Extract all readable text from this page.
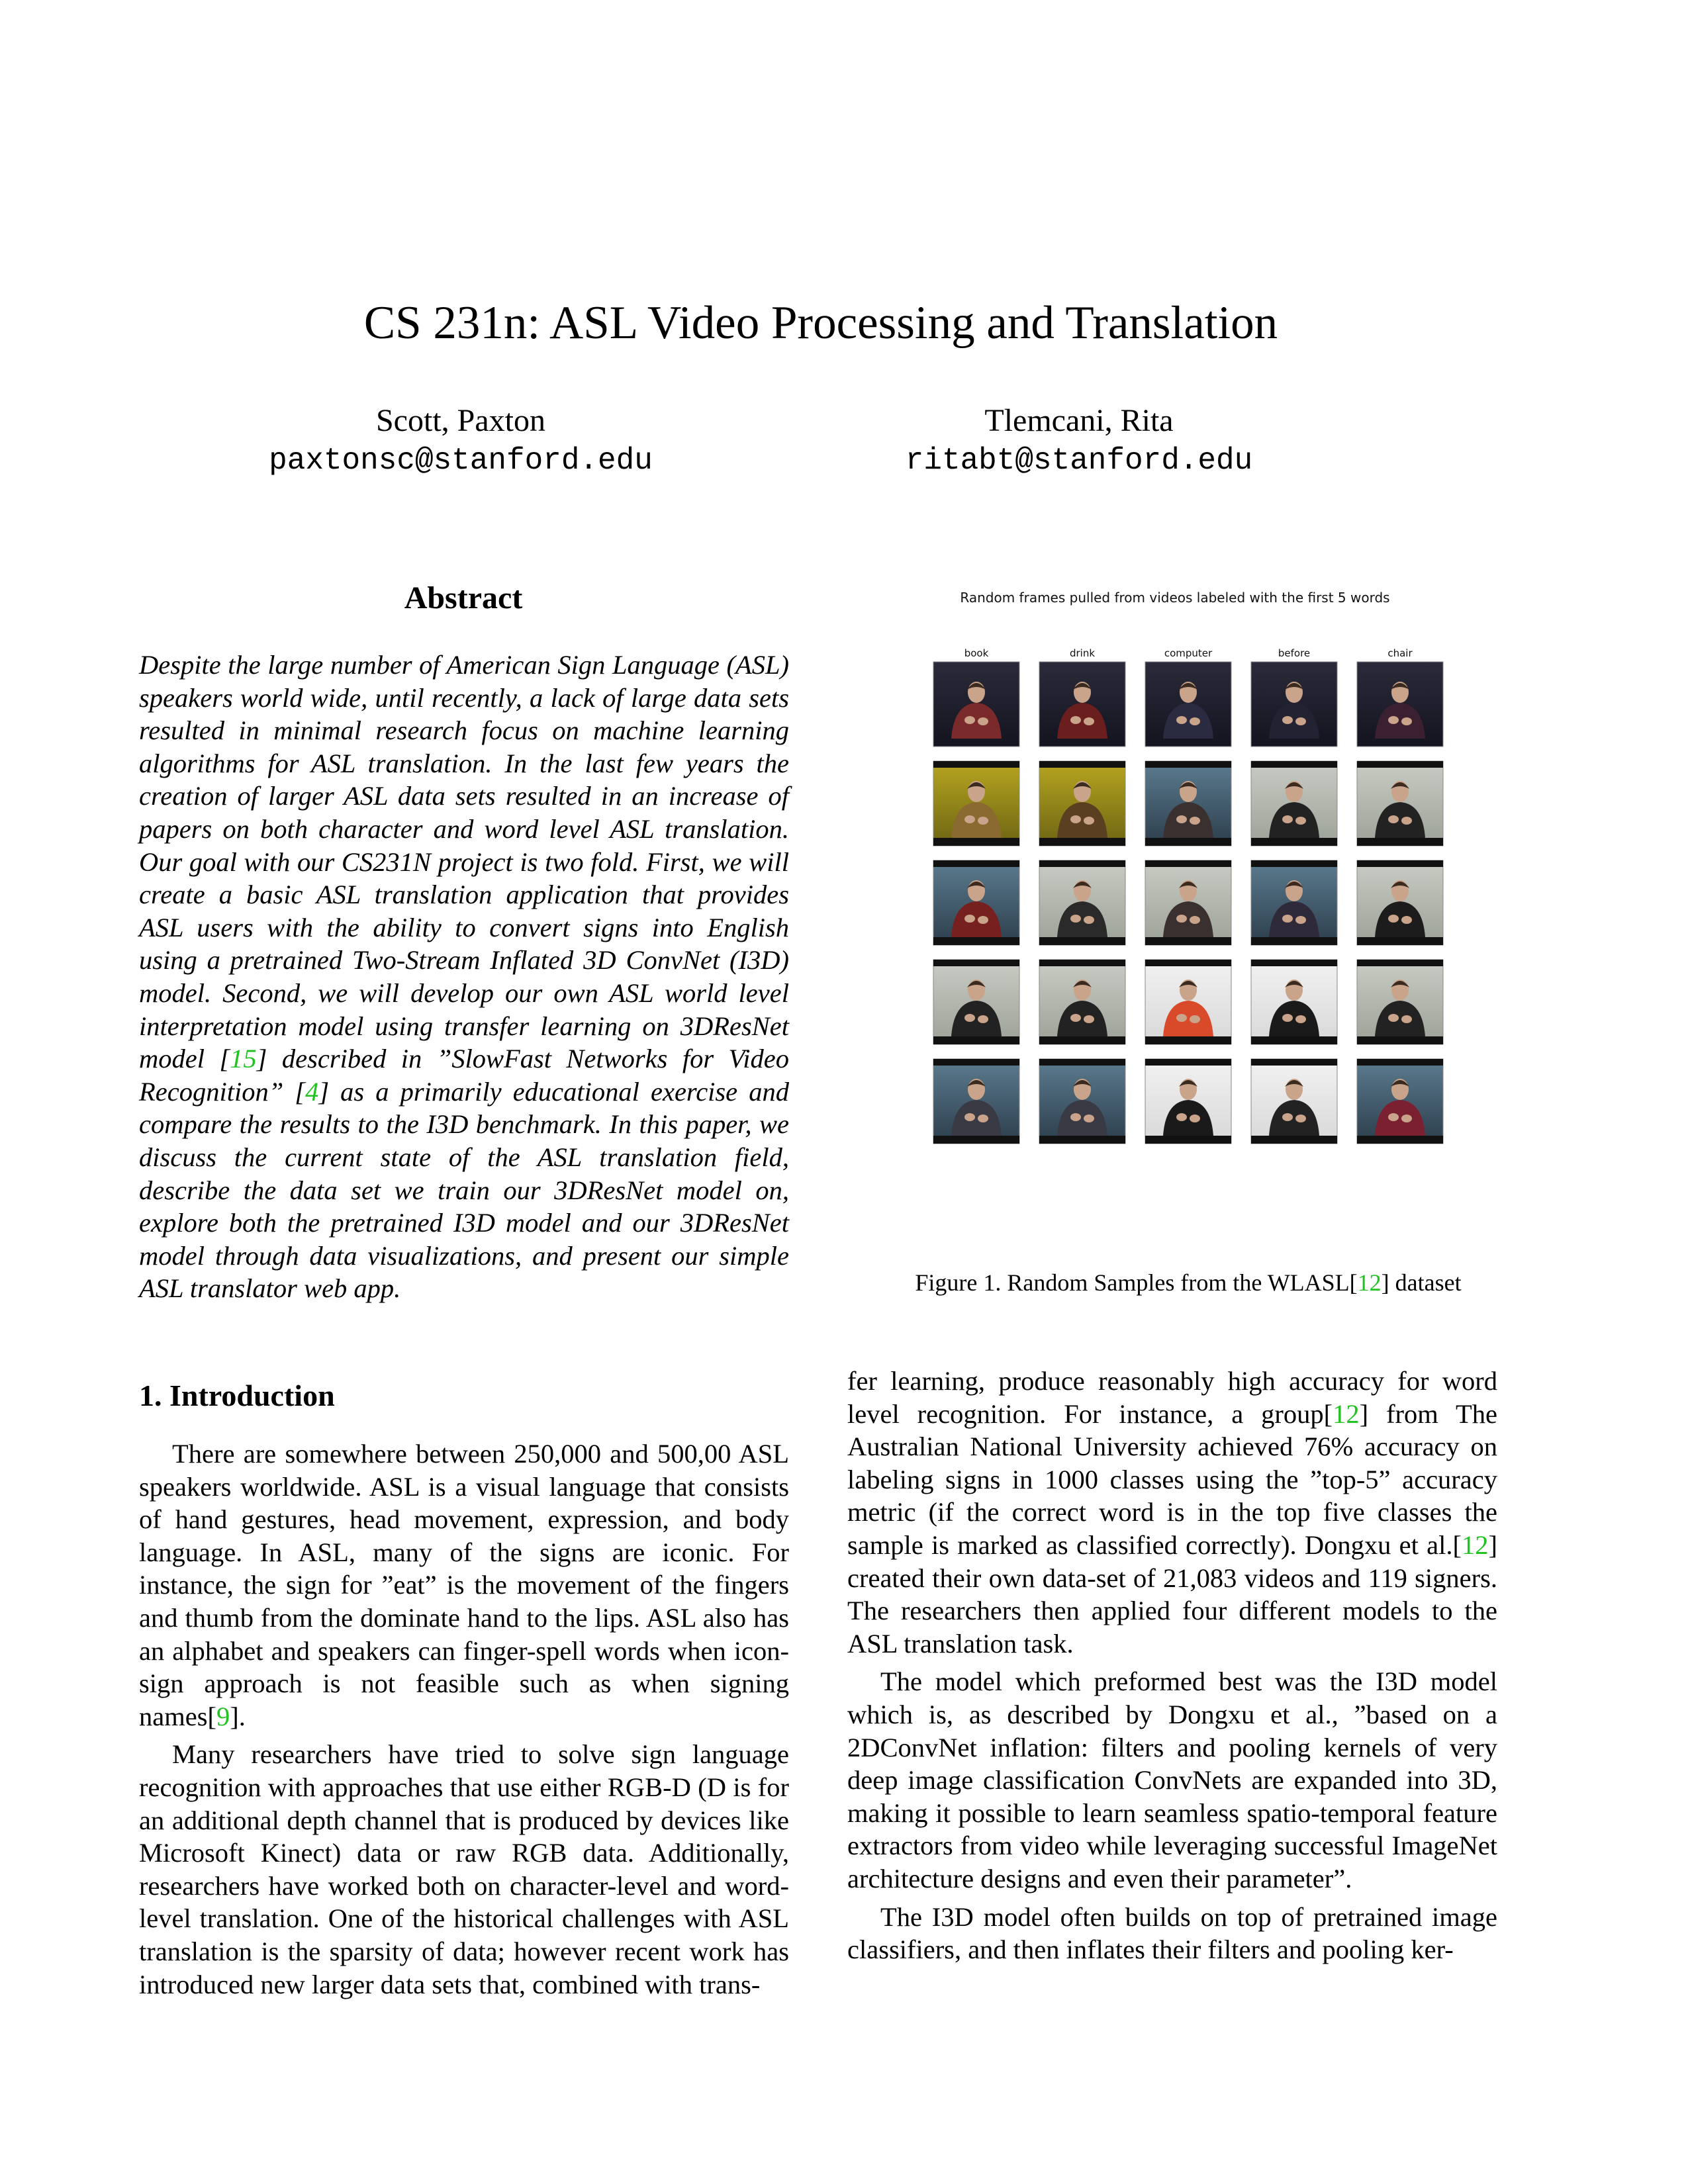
CS 231n: ASL Video Processing and Translation
Scott, Paxton
paxtonsc@stanford.edu
Tlemcani, Rita
ritabt@stanford.edu
Abstract
Despite the large number of American Sign Language (ASL) speakers world wide, until recently, a lack of large data sets resulted in minimal research focus on machine learning algorithms for ASL translation. In the last few years the creation of larger ASL data sets resulted in an increase of papers on both character and word level ASL translation. Our goal with our CS231N project is two fold. First, we will create a basic ASL translation application that provides ASL users with the ability to convert signs into English using a pretrained Two-Stream Inflated 3D ConvNet (I3D) model. Second, we will develop our own ASL world level interpretation model using transfer learning on 3DResNet model [15] described in ”SlowFast Networks for Video Recognition” [4] as a primarily educational exercise and compare the results to the I3D benchmark. In this paper, we discuss the current state of the ASL translation field, describe the data set we train our 3DResNet model on, explore both the pretrained I3D model and our 3DResNet model through data visualizations, and present our simple ASL translator web app.
Random frames pulled from videos labeled with the first 5 words
book	drink	computer	before	chair
Figure 1. Random Samples from the WLASL[12] dataset
1. Introduction

There are somewhere between 250,000 and 500,00 ASL speakers worldwide. ASL is a visual language that consists of hand gestures, head movement, expression, and body language. In ASL, many of the signs are iconic. For instance, the sign for ”eat” is the movement of the fingers and thumb from the dominate hand to the lips. ASL also has an alphabet and speakers can finger-spell words when icon-sign approach is not feasible such as when signing names[9].

Many researchers have tried to solve sign language recognition with approaches that use either RGB-D (D is for an additional depth channel that is produced by devices like Microsoft Kinect) data or raw RGB data. Additionally, researchers have worked both on character-level and word-level translation. One of the historical challenges with ASL translation is the sparsity of data; however recent work has introduced new larger data sets that, combined with trans-

fer learning, produce reasonably high accuracy for word level recognition. For instance, a group[12] from The Australian National University achieved 76% accuracy on labeling signs in 1000 classes using the ”top-5” accuracy metric (if the correct word is in the top five classes the sample is marked as classified correctly). Dongxu et al.[12] created their own data-set of 21,083 videos and 119 signers. The researchers then applied four different models to the ASL translation task.

The model which preformed best was the I3D model which is, as described by Dongxu et al., ”based on a 2DConvNet inflation: filters and pooling kernels of very deep image classification ConvNets are expanded into 3D, making it possible to learn seamless spatio-temporal feature extractors from video while leveraging successful ImageNet architecture designs and even their parameter”.

The I3D model often builds on top of pretrained image classifiers, and then inflates their filters and pooling ker-
